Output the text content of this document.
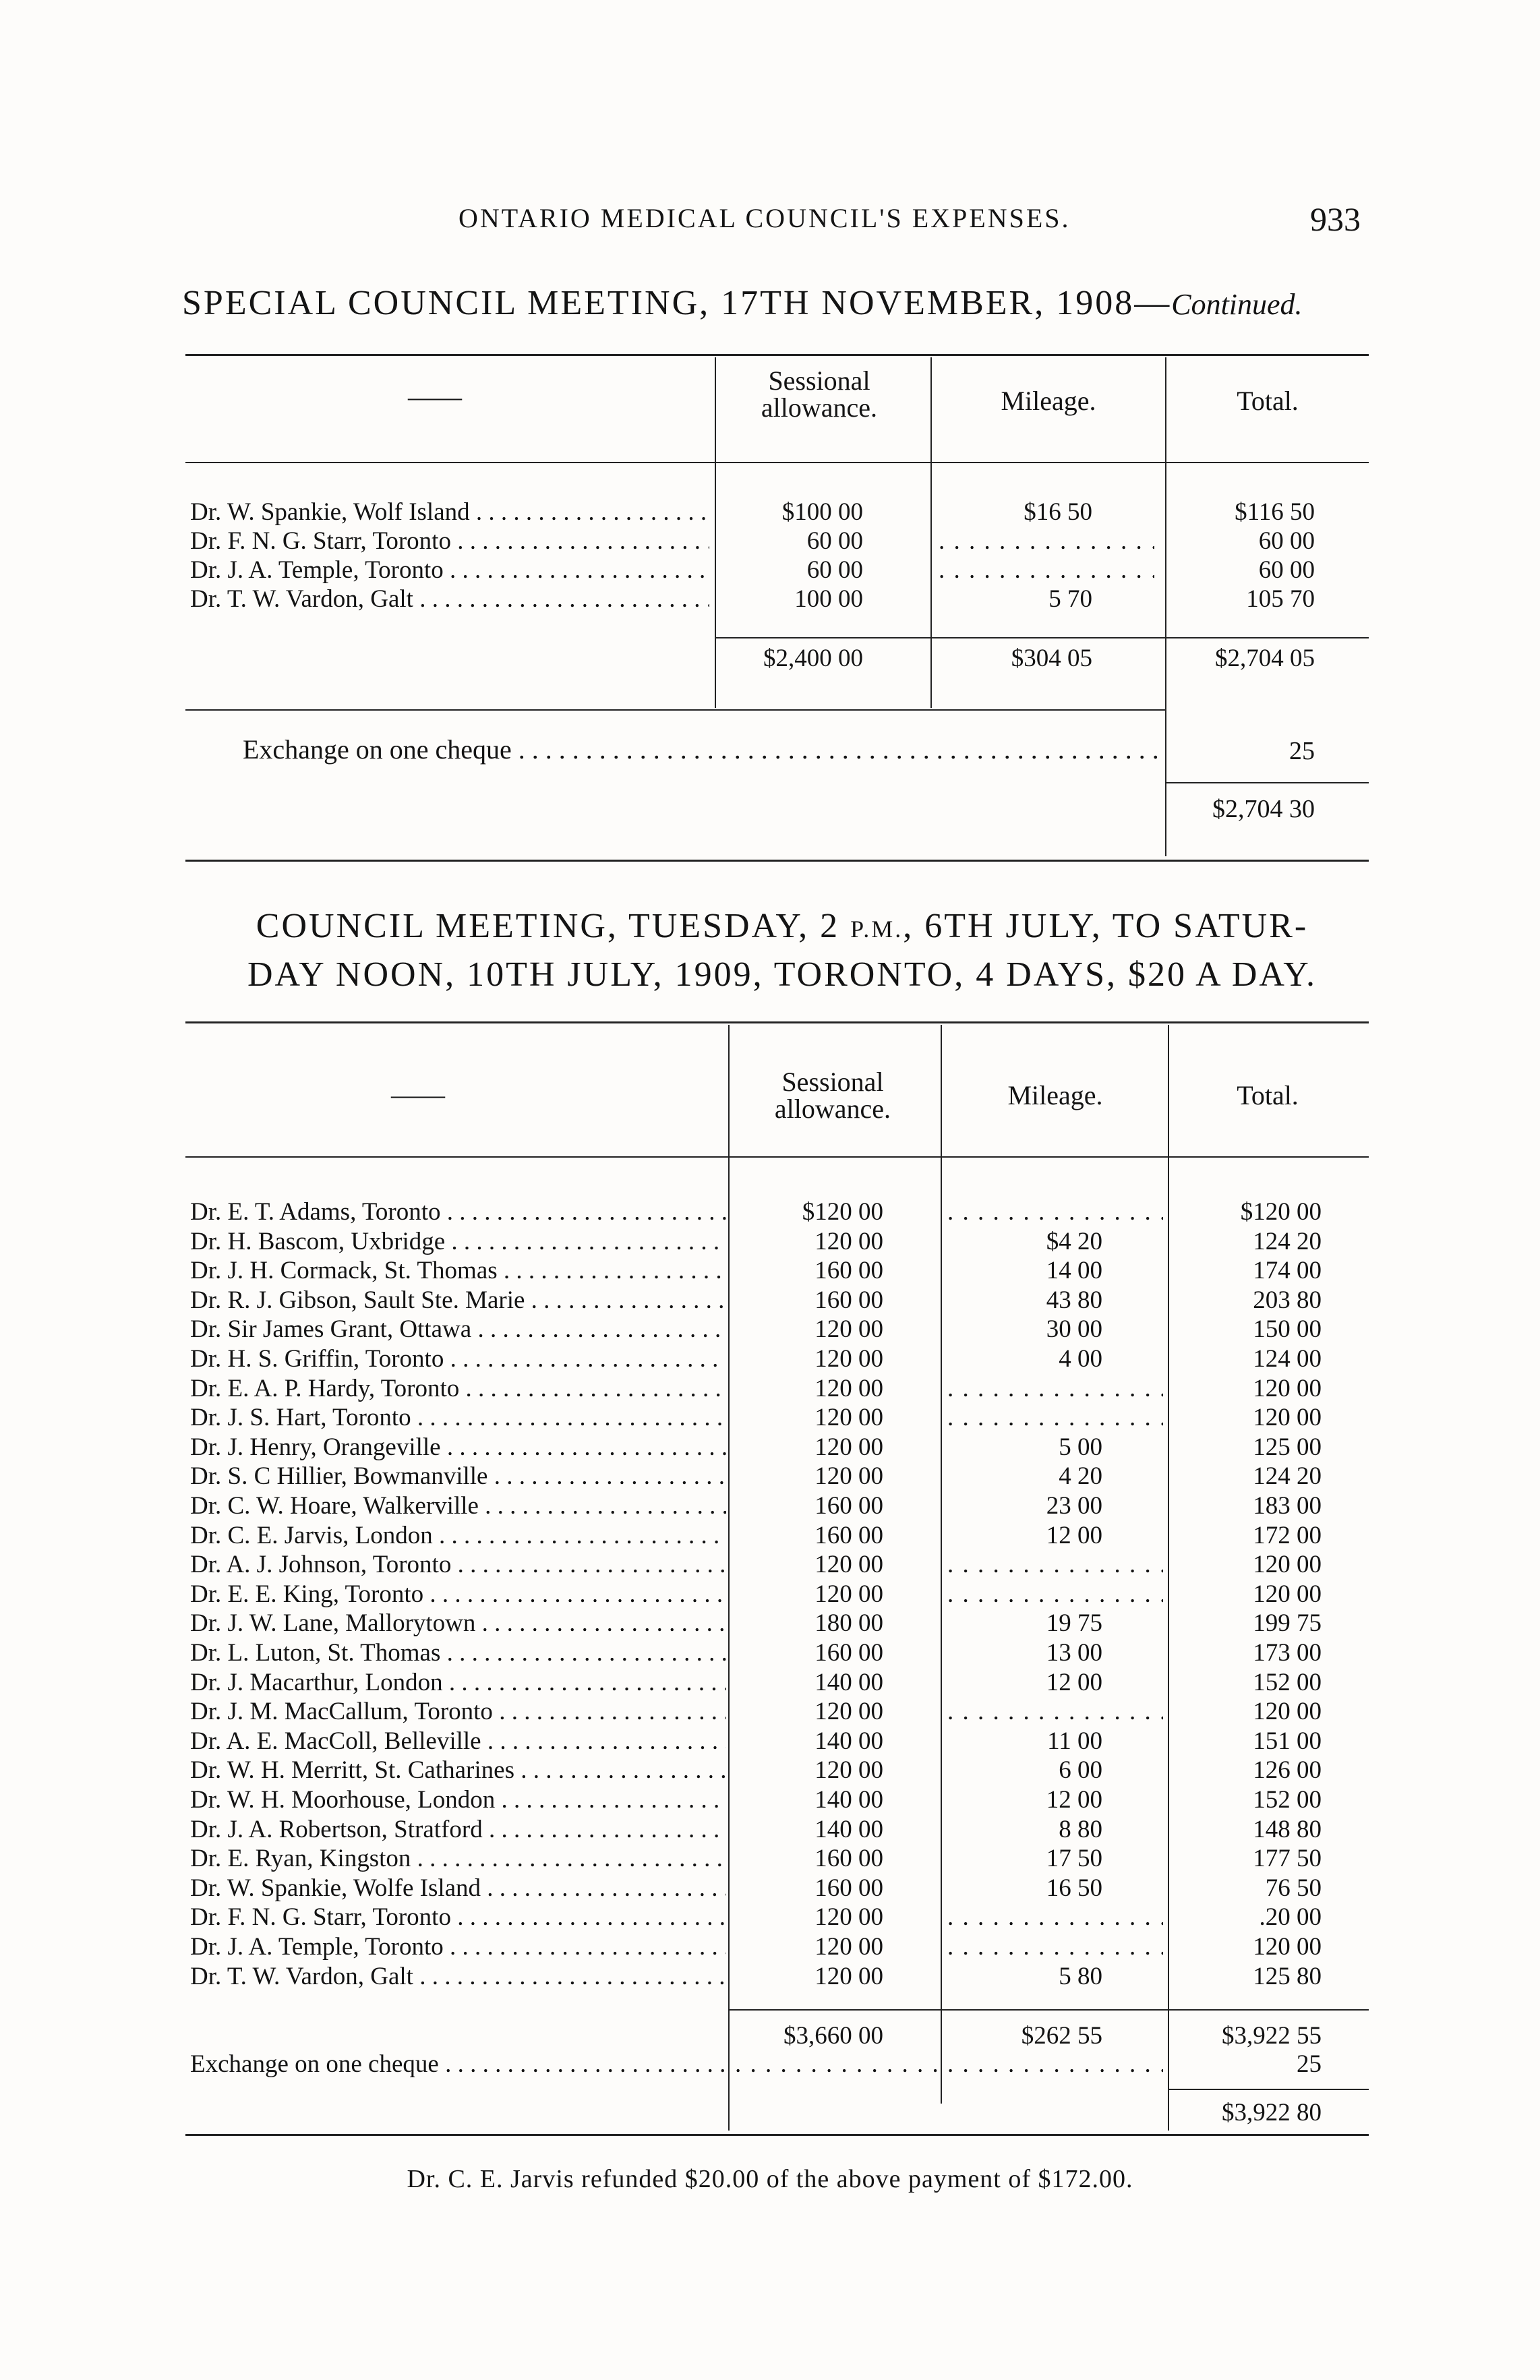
ONTARIO MEDICAL COUNCIL'S EXPENSES.	933
SPECIAL COUNCIL MEETING, 17TH NOVEMBER, 1908—Continued.
——
Sessional
allowance.	Mileage.	Total.
Dr. W. Spankie, Wolf Island . . .	$100 00	$16 50	$116 50
Dr. F. N. G. Starr, Toronto . . .	60 00 . . .	60 00
Dr. J. A. Temple, Toronto . . .	60 00 . . .	60 00
Dr. T. W. Vardon, Galt . . .	100 00	5 70	105 70
$2,400 00	$304 05	$2,704 05
Exchange on one cheque . . .	25
$2,704 30
COUNCIL MEETING, TUESDAY, 2 P.M., 6TH JULY, TO SATUR-
DAY NOON, 10TH JULY, 1909, TORONTO, 4 DAYS, $20 A DAY.
——	Sessional
allowance.	Mileage.	Total.
Dr. E. T. Adams, Toronto . . .	$120 00 . . .	$120 00
Dr. H. Bascom, Uxbridge . . .	120 00	$4 20	124 20
Dr. J. H. Cormack, St. Thomas . . .	160 00	14 00	174 00
Dr. R. J. Gibson, Sault Ste. Marie . . .	160 00	43 80	203 80
Dr. Sir James Grant, Ottawa . . .	120 00	30 00	150 00
Dr. H. S. Griffin, Toronto . . .	120 00	4 00	124 00
Dr. E. A. P. Hardy, Toronto . . .	120 00 . . .	120 00
Dr. J. S. Hart, Toronto . . .	120 00 . . .	120 00
Dr. J. Henry, Orangeville . . .	120 00	5 00	125 00
Dr. S. C Hillier, Bowmanville . . .	120 00	4 20	124 20
Dr. C. W. Hoare, Walkerville . . .	160 00	23 00	183 00
Dr. C. E. Jarvis, London . . .	160 00	12 00	172 00
Dr. A. J. Johnson, Toronto . . .	120 00 . . .	120 00
Dr. E. E. King, Toronto . . .	120 00 . . .	120 00
Dr. J. W. Lane, Mallorytown . . .	180 00	19 75	199 75
Dr. L. Luton, St. Thomas . . .	160 00	13 00	173 00
Dr. J. Macarthur, London . . .	140 00	12 00	152 00
Dr. J. M. MacCallum, Toronto . . .	120 00 . . .	120 00
Dr. A. E. MacColl, Belleville . . .	140 00	11 00	151 00
Dr. W. H. Merritt, St. Catharines . . .	120 00	6 00	126 00
Dr. W. H. Moorhouse, London . . .	140 00	12 00	152 00
Dr. J. A. Robertson, Stratford . . .	140 00	8 80	148 80
Dr. E. Ryan, Kingston . . .	160 00	17 50	177 50
Dr. W. Spankie, Wolfe Island . . .	160 00	16 50	76 50
Dr. F. N. G. Starr, Toronto . . .	120 00 . . .	.20 00
Dr. J. A. Temple, Toronto . . .	120 00 . . .	120 00
Dr. T. W. Vardon, Galt . . .	120 00	5 80	125 80
$3,660 00	$262 55	$3,922 55
Exchange on one cheque . . . . . . . . .	25
$3,922 80
Dr. C. E. Jarvis refunded $20.00 of the above payment of $172.00.
